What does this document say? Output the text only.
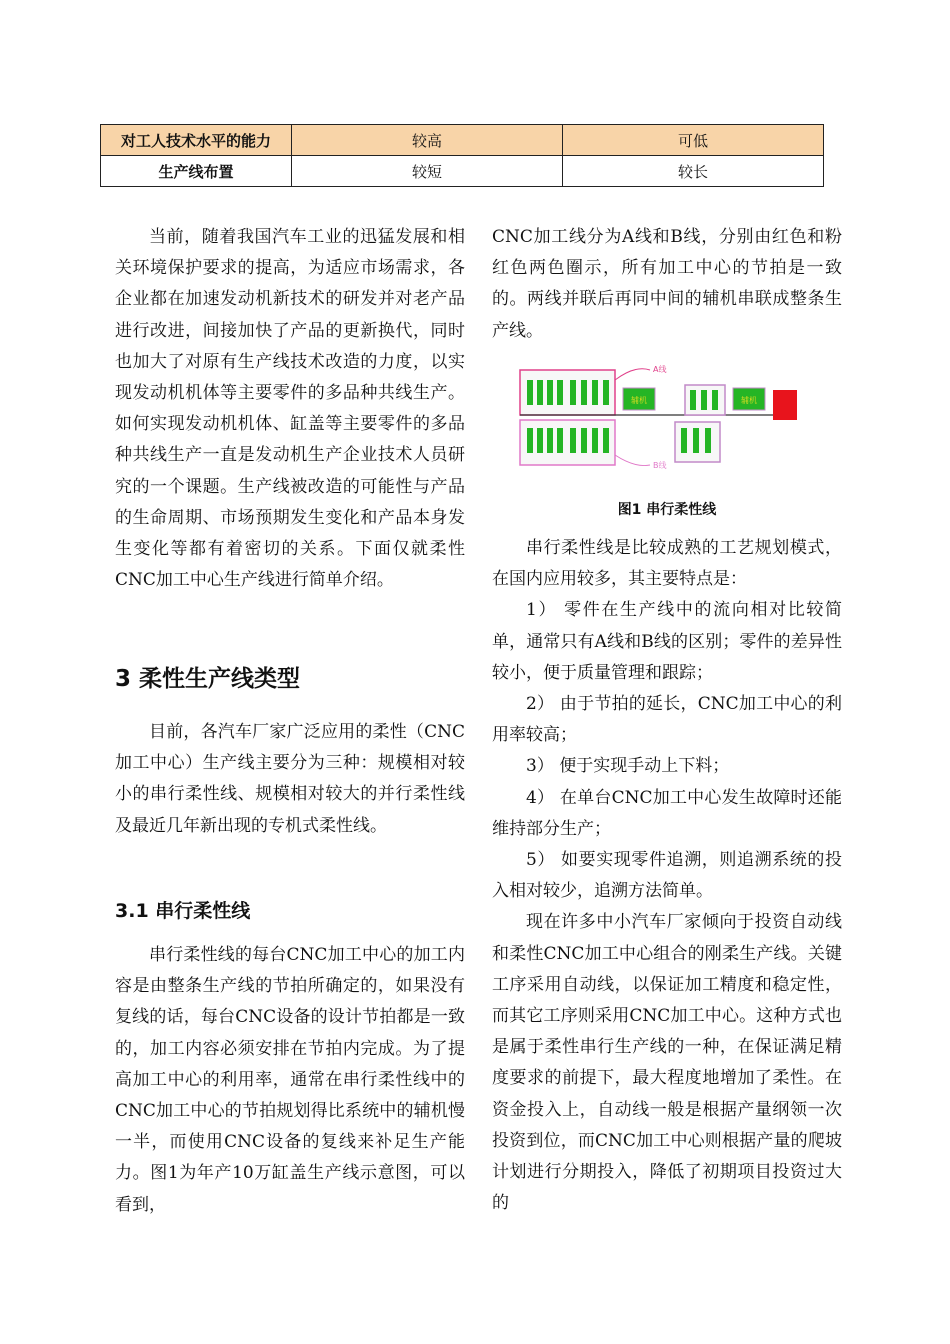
对工人技术水平的能力	较高	可低
生产线布置	较短	较长

当前，随着我国汽车工业的迅猛发展和相关环境保护要求的提高，为适应市场需求，各企业都在加速发动机新技术的研发并对老产品进行改进，间接加快了产品的更新换代，同时也加大了对原有生产线技术改造的力度，以实现发动机机体等主要零件的多品种共线生产。如何实现发动机机体、缸盖等主要零件的多品种共线生产一直是发动机生产企业技术人员研究的一个课题。生产线被改造的可能性与产品的生命周期、市场预期发生变化和产品本身发生变化等都有着密切的关系。下面仅就柔性CNC加工中心生产线进行简单介绍。

3 柔性生产线类型

目前，各汽车厂家广泛应用的柔性（CNC加工中心）生产线主要分为三种：规模相对较小的串行柔性线、规模相对较大的并行柔性线及最近几年新出现的专机式柔性线。

3.1 串行柔性线

串行柔性线的每台CNC加工中心的加工内容是由整条生产线的节拍所确定的，如果没有复线的话，每台CNC设备的设计节拍都是一致的，加工内容必须安排在节拍内完成。为了提高加工中心的利用率，通常在串行柔性线中的CNC加工中心的节拍规划得比系统中的辅机慢一半，而使用CNC设备的复线来补足生产能力。图1为年产10万缸盖生产线示意图，可以看到，

CNC加工线分为A线和B线，分别由红色和粉红色两色圈示，所有加工中心的节拍是一致的。两线并联后再同中间的辅机串联成整条生产线。

辅机	辅机
A线
B线
图1 串行柔性线

串行柔性线是比较成熟的工艺规划模式，在国内应用较多，其主要特点是：

1） 零件在生产线中的流向相对比较简单，通常只有A线和B线的区别；零件的差异性较小，便于质量管理和跟踪；

2） 由于节拍的延长，CNC加工中心的利用率较高；

3） 便于实现手动上下料；

4） 在单台CNC加工中心发生故障时还能维持部分生产；

5） 如要实现零件追溯，则追溯系统的投入相对较少，追溯方法简单。

现在许多中小汽车厂家倾向于投资自动线和柔性CNC加工中心组合的刚柔生产线。关键工序采用自动线，以保证加工精度和稳定性，而其它工序则采用CNC加工中心。这种方式也是属于柔性串行生产线的一种，在保证满足精度要求的前提下，最大程度地增加了柔性。在资金投入上，自动线一般是根据产量纲领一次投资到位，而CNC加工中心则根据产量的爬坡计划进行分期投入，降低了初期项目投资过大的
